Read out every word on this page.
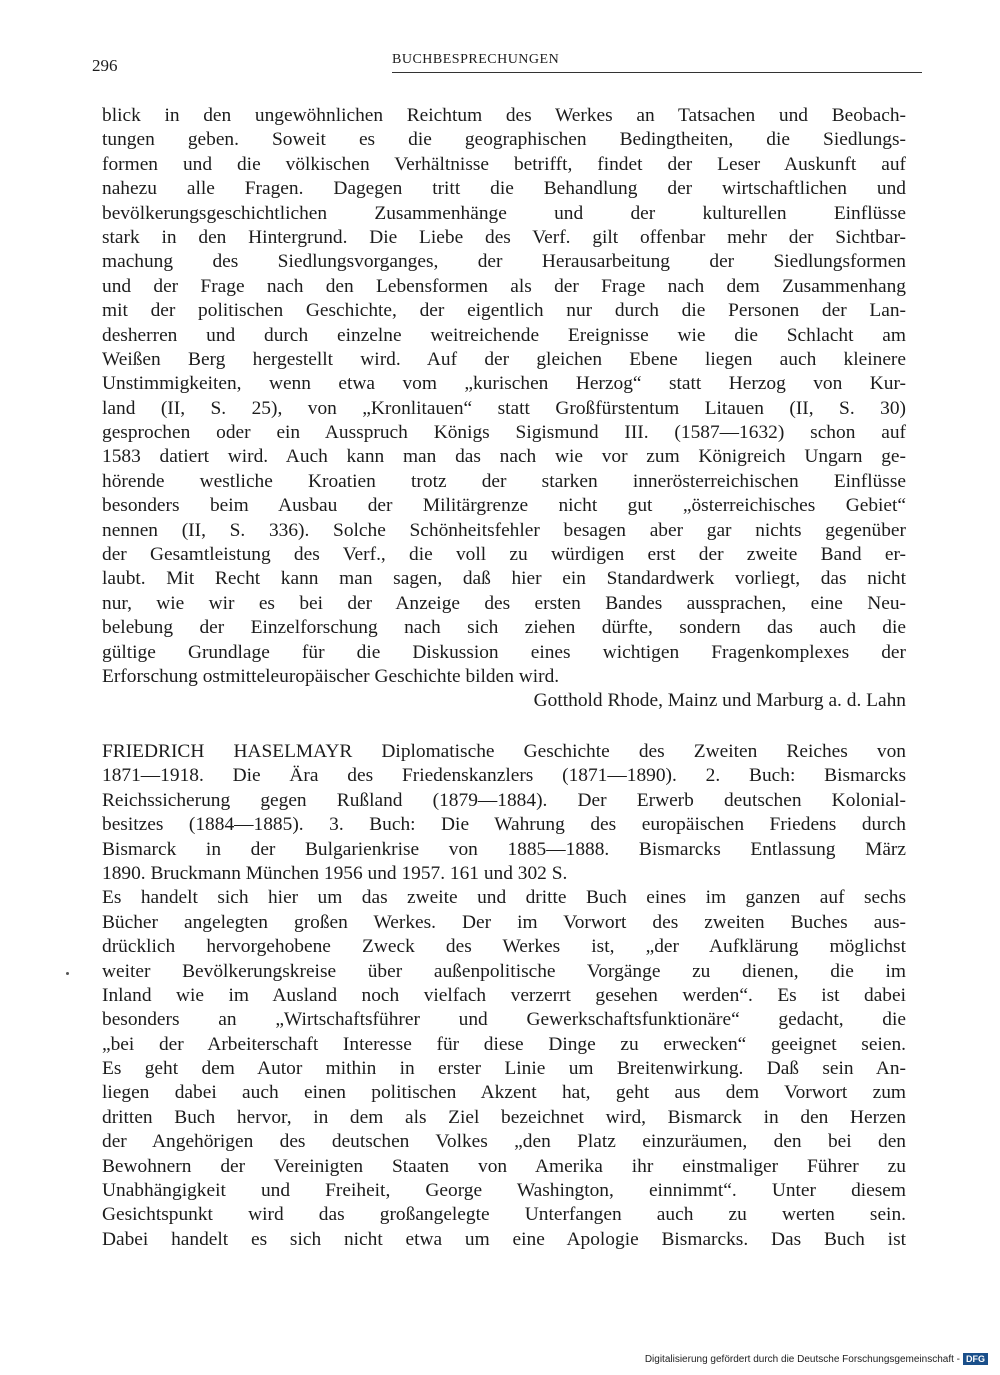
296	BUCHBESPRECHUNGEN
blick in den ungewöhnlichen Reichtum des Werkes an Tatsachen und Beobach-
tungen geben. Soweit es die geographischen Bedingtheiten, die Siedlungs-
formen und die völkischen Verhältnisse betrifft, findet der Leser Auskunft auf
nahezu alle Fragen. Dagegen tritt die Behandlung der wirtschaftlichen und
bevölkerungsgeschichtlichen Zusammenhänge und der kulturellen Einflüsse
stark in den Hintergrund. Die Liebe des Verf. gilt offenbar mehr der Sichtbar-
machung des Siedlungsvorganges, der Herausarbeitung der Siedlungsformen
und der Frage nach den Lebensformen als der Frage nach dem Zusammenhang
mit der politischen Geschichte, der eigentlich nur durch die Personen der Lan-
desherren und durch einzelne weitreichende Ereignisse wie die Schlacht am
Weißen Berg hergestellt wird. Auf der gleichen Ebene liegen auch kleinere
Unstimmigkeiten, wenn etwa vom „kurischen Herzog“ statt Herzog von Kur-
land (II, S. 25), von „Kronlitauen“ statt Großfürstentum Litauen (II, S. 30)
gesprochen oder ein Ausspruch Königs Sigismund III. (1587—1632) schon auf
1583 datiert wird. Auch kann man das nach wie vor zum Königreich Ungarn ge-
hörende westliche Kroatien trotz der starken innerösterreichischen Einflüsse
besonders beim Ausbau der Militärgrenze nicht gut „österreichisches Gebiet“
nennen (II, S. 336). Solche Schönheitsfehler besagen aber gar nichts gegenüber
der Gesamtleistung des Verf., die voll zu würdigen erst der zweite Band er-
laubt. Mit Recht kann man sagen, daß hier ein Standardwerk vorliegt, das nicht
nur, wie wir es bei der Anzeige des ersten Bandes aussprachen, eine Neu-
belebung der Einzelforschung nach sich ziehen dürfte, sondern das auch die
gültige Grundlage für die Diskussion eines wichtigen Fragenkomplexes der
Erforschung ostmitteleuropäischer Geschichte bilden wird.
Gotthold Rhode, Mainz und Marburg a. d. Lahn
FRIEDRICH HASELMAYR Diplomatische Geschichte des Zweiten Reiches von
1871—1918. Die Ära des Friedenskanzlers (1871—1890). 2. Buch: Bismarcks
Reichssicherung gegen Rußland (1879—1884). Der Erwerb deutschen Kolonial-
besitzes (1884—1885). 3. Buch: Die Wahrung des europäischen Friedens durch
Bismarck in der Bulgarienkrise von 1885—1888. Bismarcks Entlassung März
1890. Bruckmann München 1956 und 1957. 161 und 302 S.
Es handelt sich hier um das zweite und dritte Buch eines im ganzen auf sechs
Bücher angelegten großen Werkes. Der im Vorwort des zweiten Buches aus-
drücklich hervorgehobene Zweck des Werkes ist, „der Aufklärung möglichst
weiter Bevölkerungskreise über außenpolitische Vorgänge zu dienen, die im
Inland wie im Ausland noch vielfach verzerrt gesehen werden“. Es ist dabei
besonders an „Wirtschaftsführer und Gewerkschaftsfunktionäre“ gedacht, die
„bei der Arbeiterschaft Interesse für diese Dinge zu erwecken“ geeignet seien.
Es geht dem Autor mithin in erster Linie um Breitenwirkung. Daß sein An-
liegen dabei auch einen politischen Akzent hat, geht aus dem Vorwort zum
dritten Buch hervor, in dem als Ziel bezeichnet wird, Bismarck in den Herzen
der Angehörigen des deutschen Volkes „den Platz einzuräumen, den bei den
Bewohnern der Vereinigten Staaten von Amerika ihr einstmaliger Führer zu
Unabhängigkeit und Freiheit, George Washington, einnimmt“. Unter diesem
Gesichtspunkt wird das großangelegte Unterfangen auch zu werten sein.
Dabei handelt es sich nicht etwa um eine Apologie Bismarcks. Das Buch ist
Digitalisierung gefördert durch die Deutsche Forschungsgemeinschaft - DFG
